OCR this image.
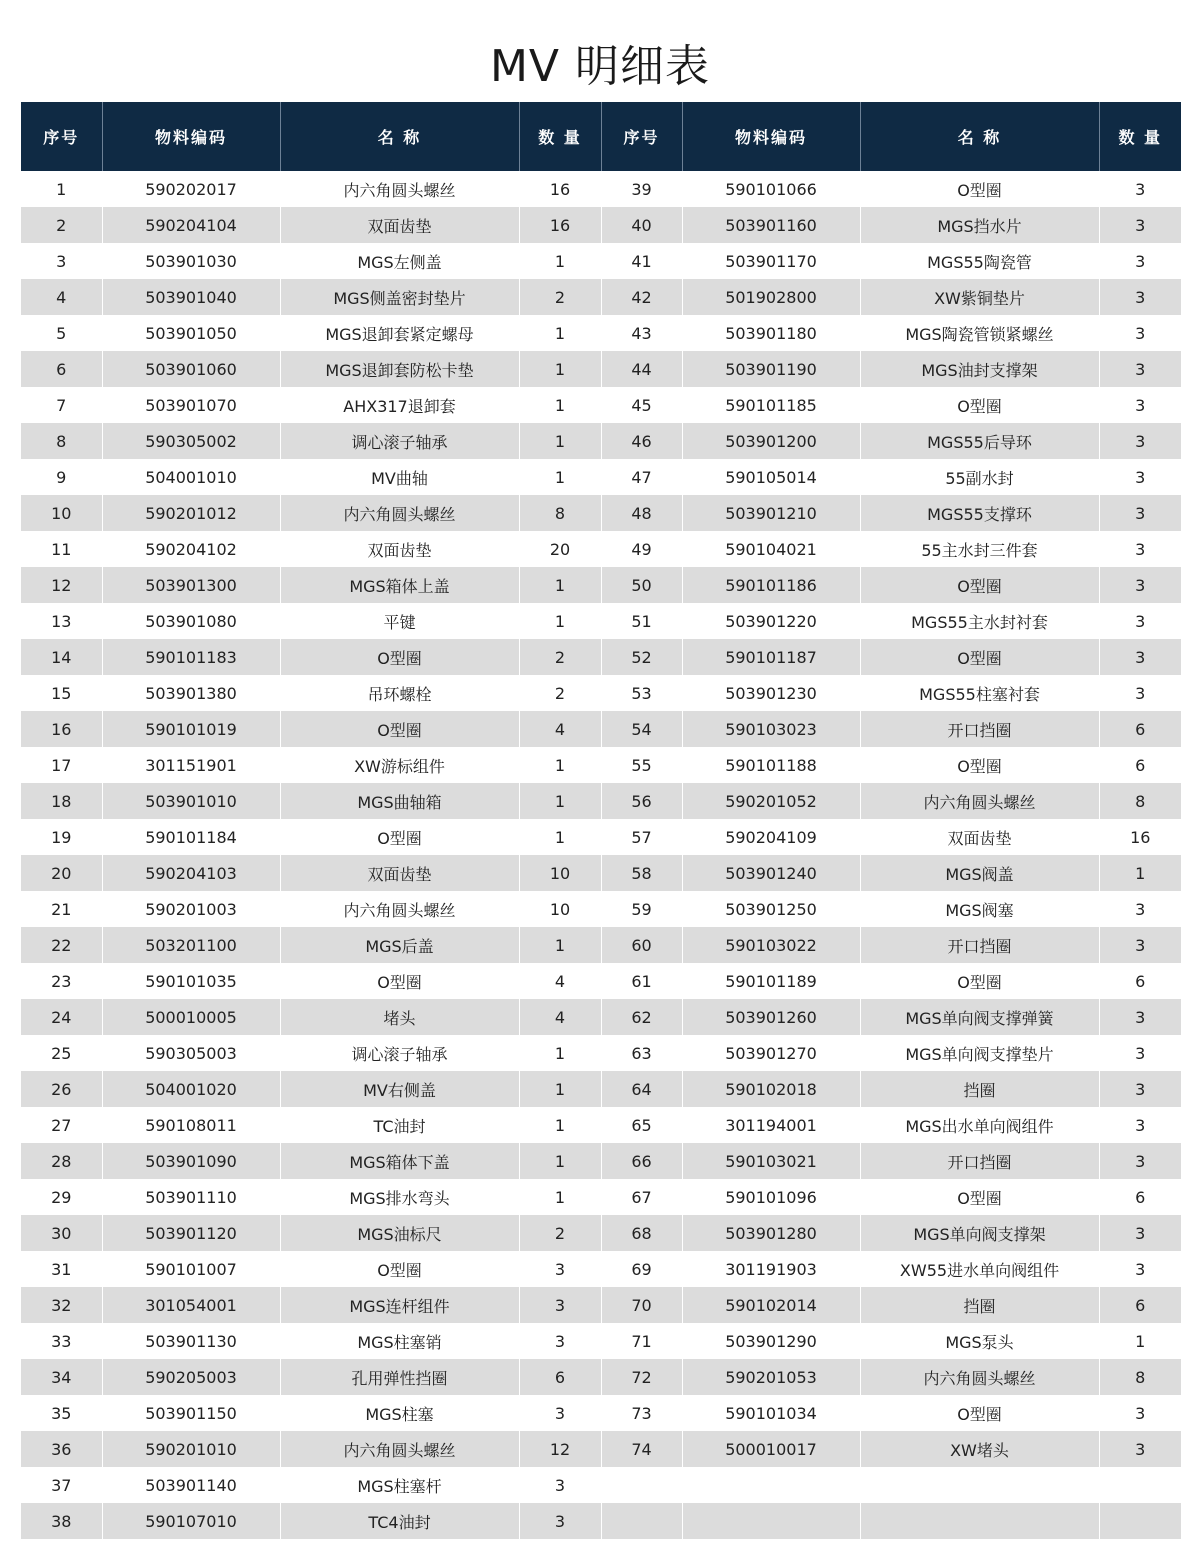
MV 明细表
序号	物料编码	名 称	数 量	序号	物料编码	名 称	数 量
1	590202017	内六角圆头螺丝	16	39	590101066	O型圈	3
2	590204104	双面齿垫	16	40	503901160	MGS挡水片	3
3	503901030	MGS左侧盖	1	41	503901170	MGS55陶瓷管	3
4	503901040	MGS侧盖密封垫片	2	42	501902800	XW紫铜垫片	3
5	503901050	MGS退卸套紧定螺母	1	43	503901180	MGS陶瓷管锁紧螺丝	3
6	503901060	MGS退卸套防松卡垫	1	44	503901190	MGS油封支撑架	3
7	503901070	AHX317退卸套	1	45	590101185	O型圈	3
8	590305002	调心滚子轴承	1	46	503901200	MGS55后导环	3
9	504001010	MV曲轴	1	47	590105014	55副水封	3
10	590201012	内六角圆头螺丝	8	48	503901210	MGS55支撑环	3
11	590204102	双面齿垫	20	49	590104021	55主水封三件套	3
12	503901300	MGS箱体上盖	1	50	590101186	O型圈	3
13	503901080	平键	1	51	503901220	MGS55主水封衬套	3
14	590101183	O型圈	2	52	590101187	O型圈	3
15	503901380	吊环螺栓	2	53	503901230	MGS55柱塞衬套	3
16	590101019	O型圈	4	54	590103023	开口挡圈	6
17	301151901	XW游标组件	1	55	590101188	O型圈	6
18	503901010	MGS曲轴箱	1	56	590201052	内六角圆头螺丝	8
19	590101184	O型圈	1	57	590204109	双面齿垫	16
20	590204103	双面齿垫	10	58	503901240	MGS阀盖	1
21	590201003	内六角圆头螺丝	10	59	503901250	MGS阀塞	3
22	503201100	MGS后盖	1	60	590103022	开口挡圈	3
23	590101035	O型圈	4	61	590101189	O型圈	6
24	500010005	堵头	4	62	503901260	MGS单向阀支撑弹簧	3
25	590305003	调心滚子轴承	1	63	503901270	MGS单向阀支撑垫片	3
26	504001020	MV右侧盖	1	64	590102018	挡圈	3
27	590108011	TC油封	1	65	301194001	MGS出水单向阀组件	3
28	503901090	MGS箱体下盖	1	66	590103021	开口挡圈	3
29	503901110	MGS排水弯头	1	67	590101096	O型圈	6
30	503901120	MGS油标尺	2	68	503901280	MGS单向阀支撑架	3
31	590101007	O型圈	3	69	301191903	XW55进水单向阀组件	3
32	301054001	MGS连杆组件	3	70	590102014	挡圈	6
33	503901130	MGS柱塞销	3	71	503901290	MGS泵头	1
34	590205003	孔用弹性挡圈	6	72	590201053	内六角圆头螺丝	8
35	503901150	MGS柱塞	3	73	590101034	O型圈	3
36	590201010	内六角圆头螺丝	12	74	500010017	XW堵头	3
37	503901140	MGS柱塞杆	3				
38	590107010	TC4油封	3				
